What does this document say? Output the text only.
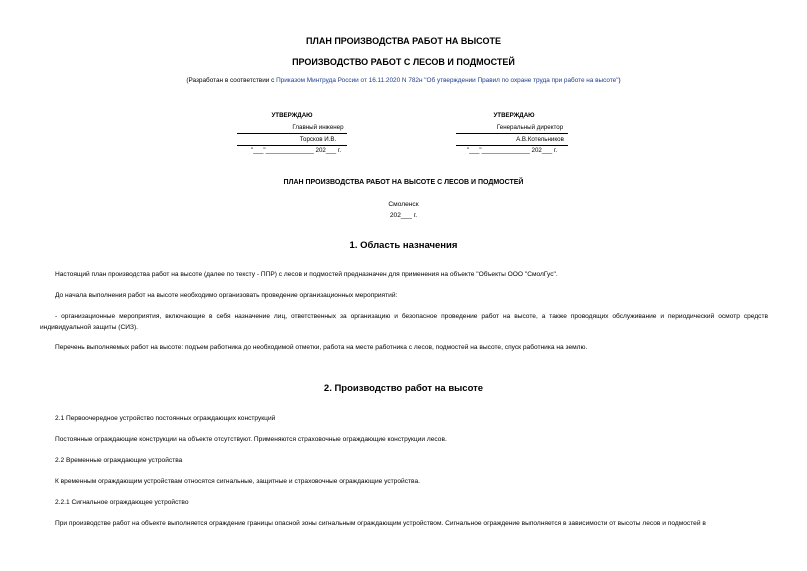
ПЛАН ПРОИЗВОДСТВА РАБОТ НА ВЫСОТЕ
ПРОИЗВОДСТВО РАБОТ С ЛЕСОВ И ПОДМОСТЕЙ
(Разработан в соответствии с Приказом Минтруда России от 16.11.2020 N 782н "Об утверждении Правил по охране труда при работе на высоте")
УТВЕРЖДАЮ
Главный инженер
Торсков И.В.
"___"______________ 202___ г.
УТВЕРЖДАЮ
Генеральный директор
А.В.Котельников
"___"______________ 202___ г.
ПЛАН ПРОИЗВОДСТВА РАБОТ НА ВЫСОТЕ С ЛЕСОВ И ПОДМОСТЕЙ
Смоленск
202___ г.
1. Область назначения
Настоящий план производства работ на высоте (далее по тексту - ППР) с лесов и подмостей предназначен для применения на объекте "Объекты ООО "СмолГус".
До начала выполнения работ на высоте необходимо организовать проведение организационных мероприятий:
- организационные мероприятия, включающие в себя назначение лиц, ответственных за организацию и безопасное проведение работ на высоте, а также проводящих обслуживание и периодический осмотр средств индивидуальной защиты (СИЗ).
Перечень выполняемых работ на высоте: подъем работника до необходимой отметки, работа на месте работника с лесов, подмостей на высоте, спуск работника на землю.
2. Производство работ на высоте
2.1 Первоочередное устройство постоянных ограждающих конструкций
Постоянные ограждающие конструкции на объекте отсутствуют. Применяются страховочные ограждающие конструкции лесов.
2.2 Временные ограждающие устройства
К временным ограждающим устройствам относятся сигнальные, защитные и страховочные ограждающие устройства.
2.2.1 Сигнальное ограждающее устройство
При производстве работ на объекте выполняется ограждение границы опасной зоны сигнальным ограждающим устройством. Сигнальное ограждение выполняется в зависимости от высоты лесов и подмостей в
